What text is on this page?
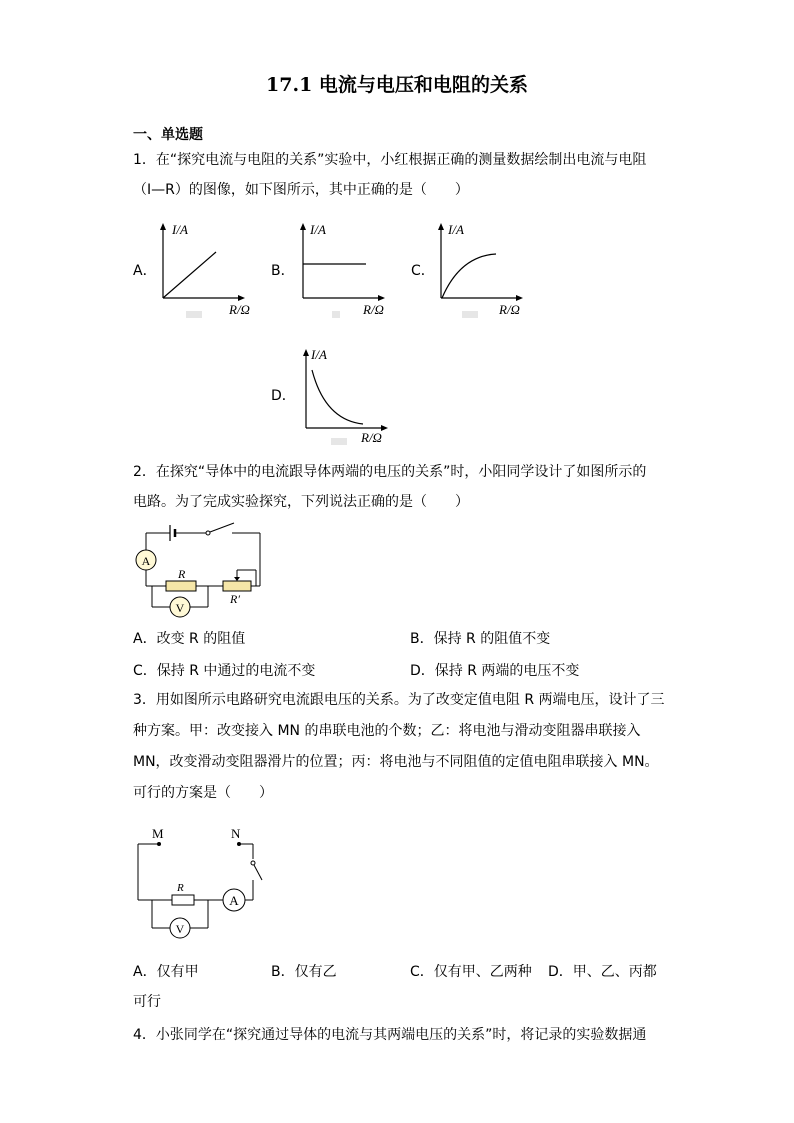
17.1 电流与电压和电阻的关系
一、单选题
1．在“探究电流与电阻的关系”实验中，小红根据正确的测量数据绘制出电流与电阻
（I—R）的图像，如下图所示，其中正确的是（　　）
A．
I/A
R/Ω
B．
I/A
R/Ω
C．
I/A
R/Ω
D．
I/A
R/Ω
2．在探究“导体中的电流跟导体两端的电压的关系”时，小阳同学设计了如图所示的
电路。为了完成实验探究，下列说法正确的是（　　）
A
R
R′
V
A．改变 R 的阻值	B．保持 R 的阻值不变
C．保持 R 中通过的电流不变	D．保持 R 两端的电压不变
3．用如图所示电路研究电流跟电压的关系。为了改变定值电阻 R 两端电压，设计了三
种方案。甲：改变接入 MN 的串联电池的个数；乙：将电池与滑动变阻器串联接入
MN，改变滑动变阻器滑片的位置；丙：将电池与不同阻值的定值电阻串联接入 MN。
可行的方案是（　　）
M	N
R
A
V
A．仅有甲	B．仅有乙	C．仅有甲、乙两种 D．甲、乙、丙都
可行
4．小张同学在“探究通过导体的电流与其两端电压的关系”时，将记录的实验数据通
